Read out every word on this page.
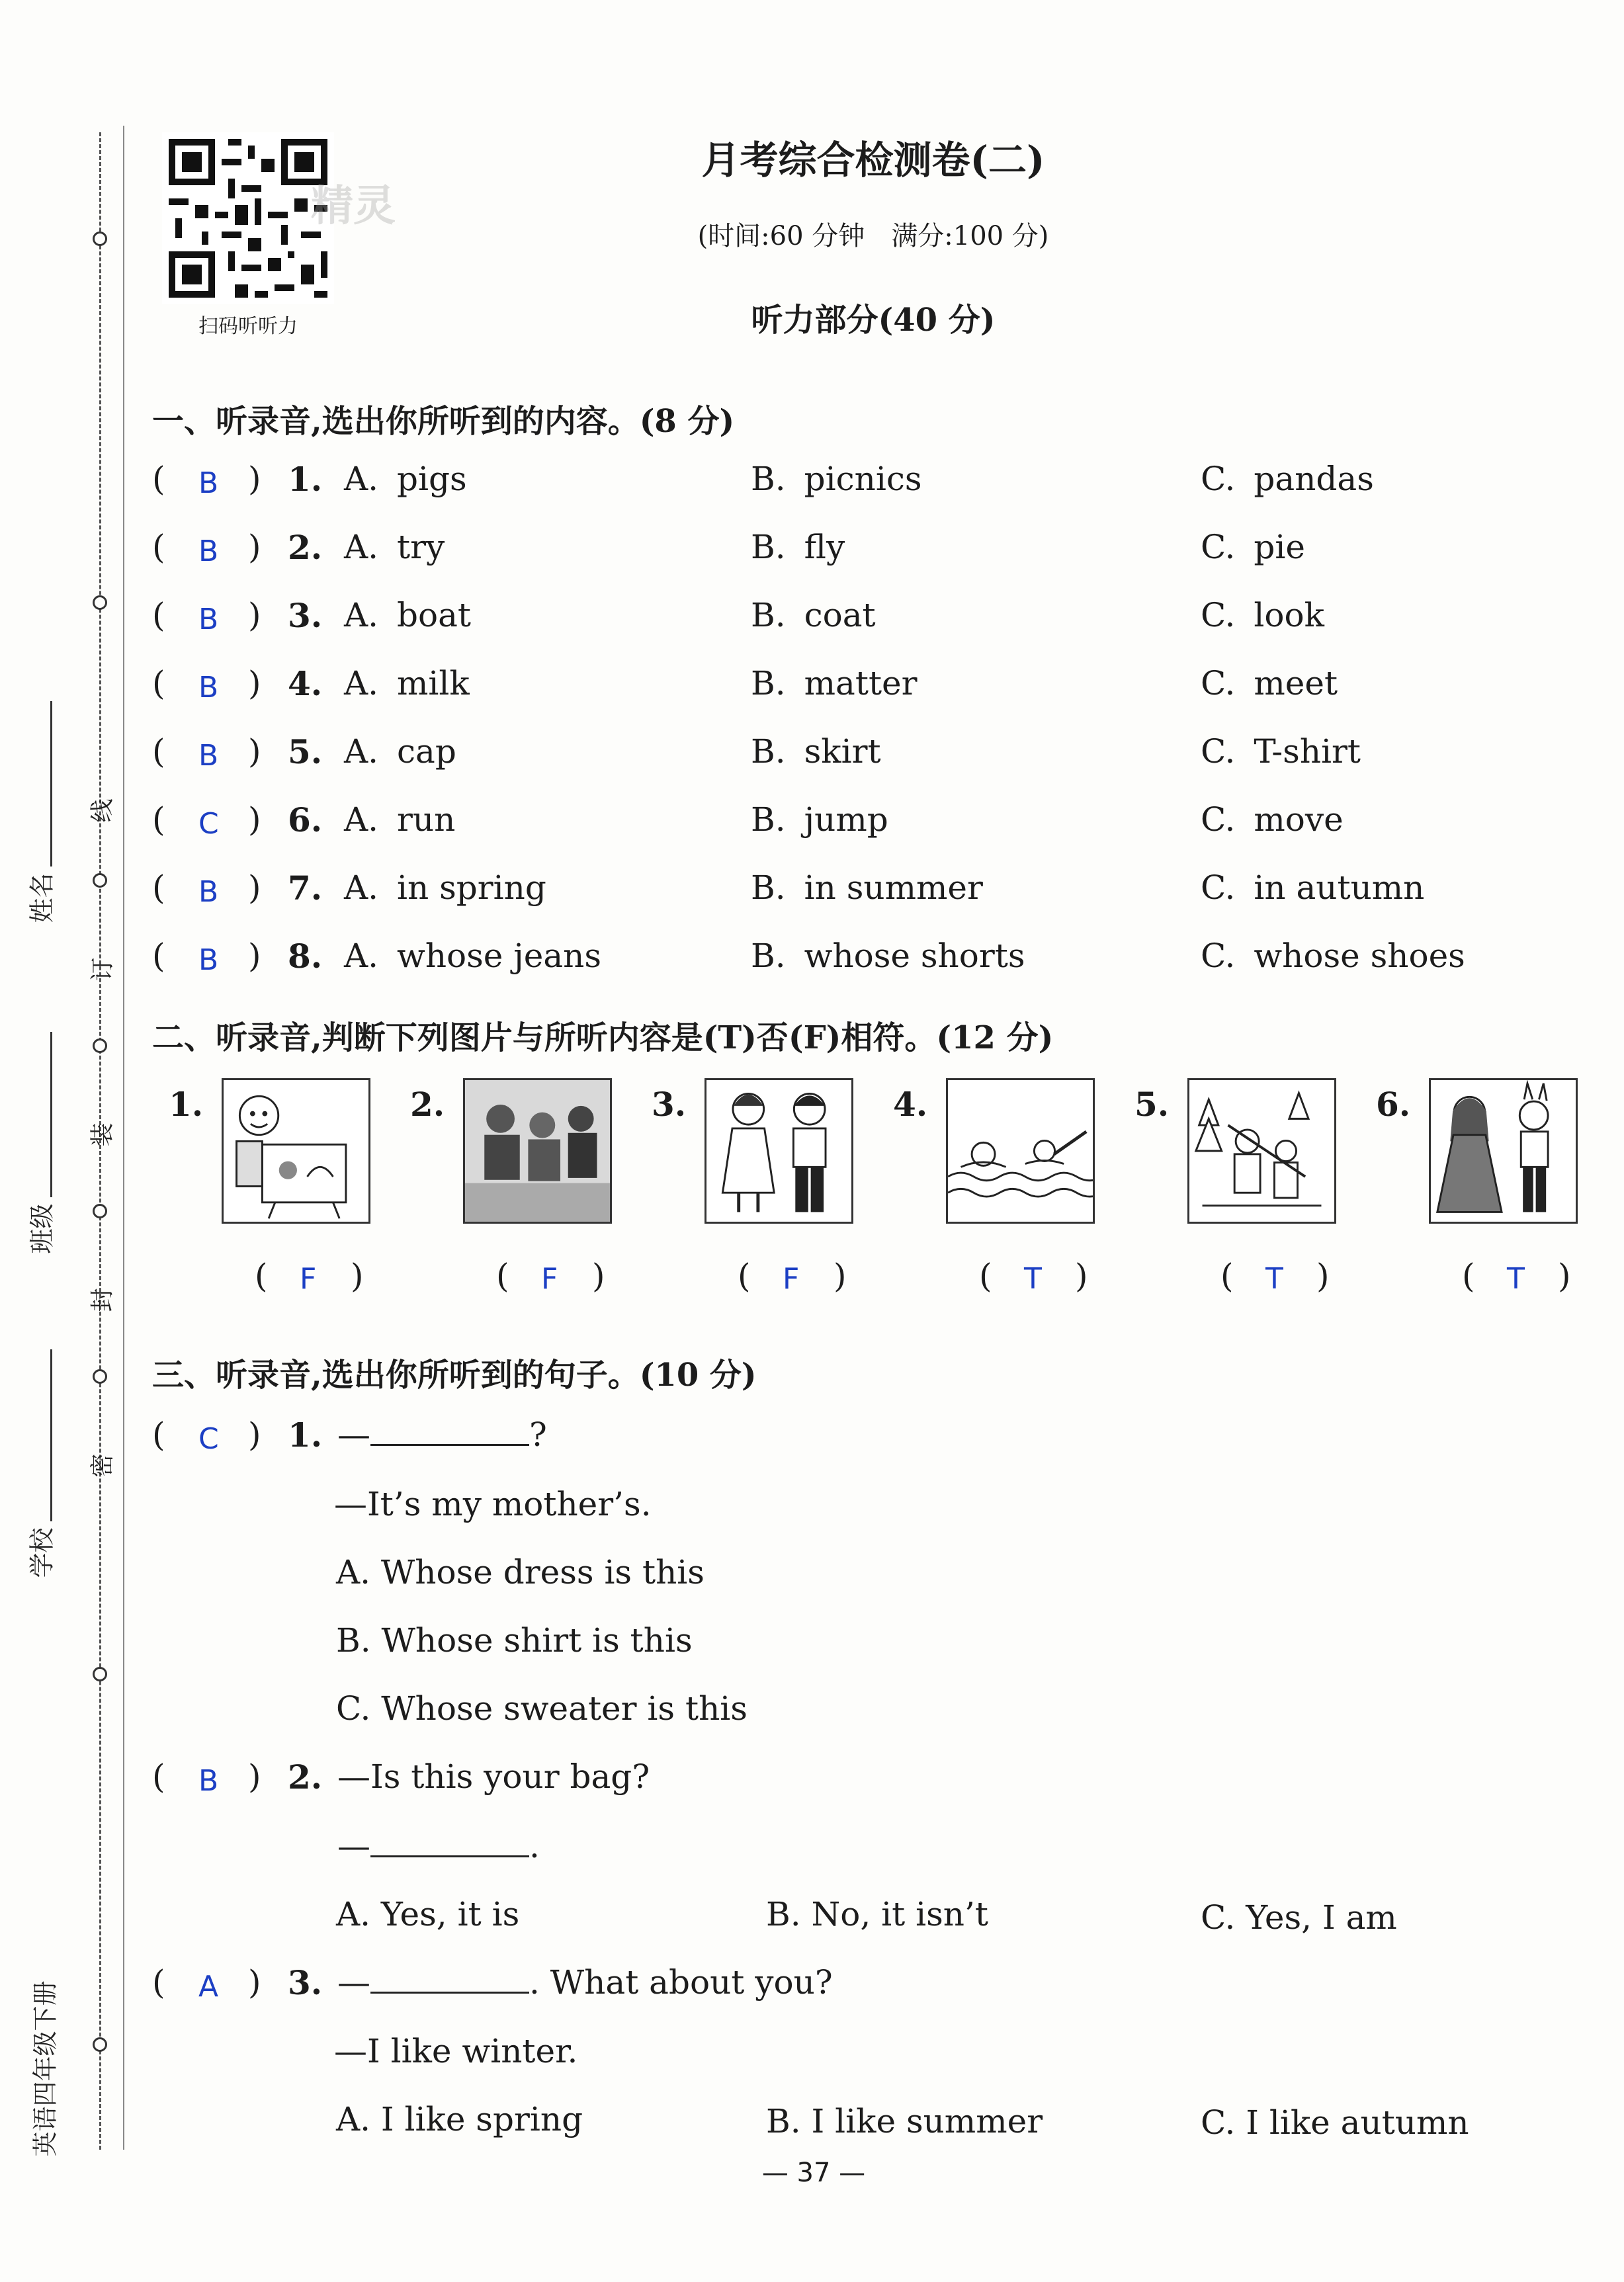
姓名
班级
学校
英语四年级下册
线
订
装
封
密
扫码听听力
精灵
月考综合检测卷(二)
(时间:60 分钟　满分:100 分)
听力部分(40 分)
一、听录音,选出你所听到的内容。(8 分)
( B ) 1. A. pigs	B. picnics	C. pandas
( B ) 2. A. try	B. fly	C. pie
( B ) 3. A. boat	B. coat	C. look
( B ) 4. A. milk	B. matter	C. meet
( B ) 5. A. cap	B. skirt	C. T-shirt
( C ) 6. A. run	B. jump	C. move
( B ) 7. A. in spring	B. in summer	C. in autumn
( B ) 8. A. whose jeans	B. whose shorts	C. whose shoes
二、听录音,判断下列图片与所听内容是(T)否(F)相符。(12 分)
1.
( F )
2.
( F )
3.
( F )
4.
( T )
5.
( T )
6.
( T )
三、听录音,选出你所听到的句子。(10 分)
( C ) 1. —	?
—It’s my mother’s.
A. Whose dress is this
B. Whose shirt is this
C. Whose sweater is this
( B ) 2. —Is this your bag?
—	.
A. Yes, it is	B. No, it isn’t	C. Yes, I am
( A ) 3. —	. What about you?
—I like winter.
A. I like spring	B. I like summer	C. I like autumn
— 37 —
